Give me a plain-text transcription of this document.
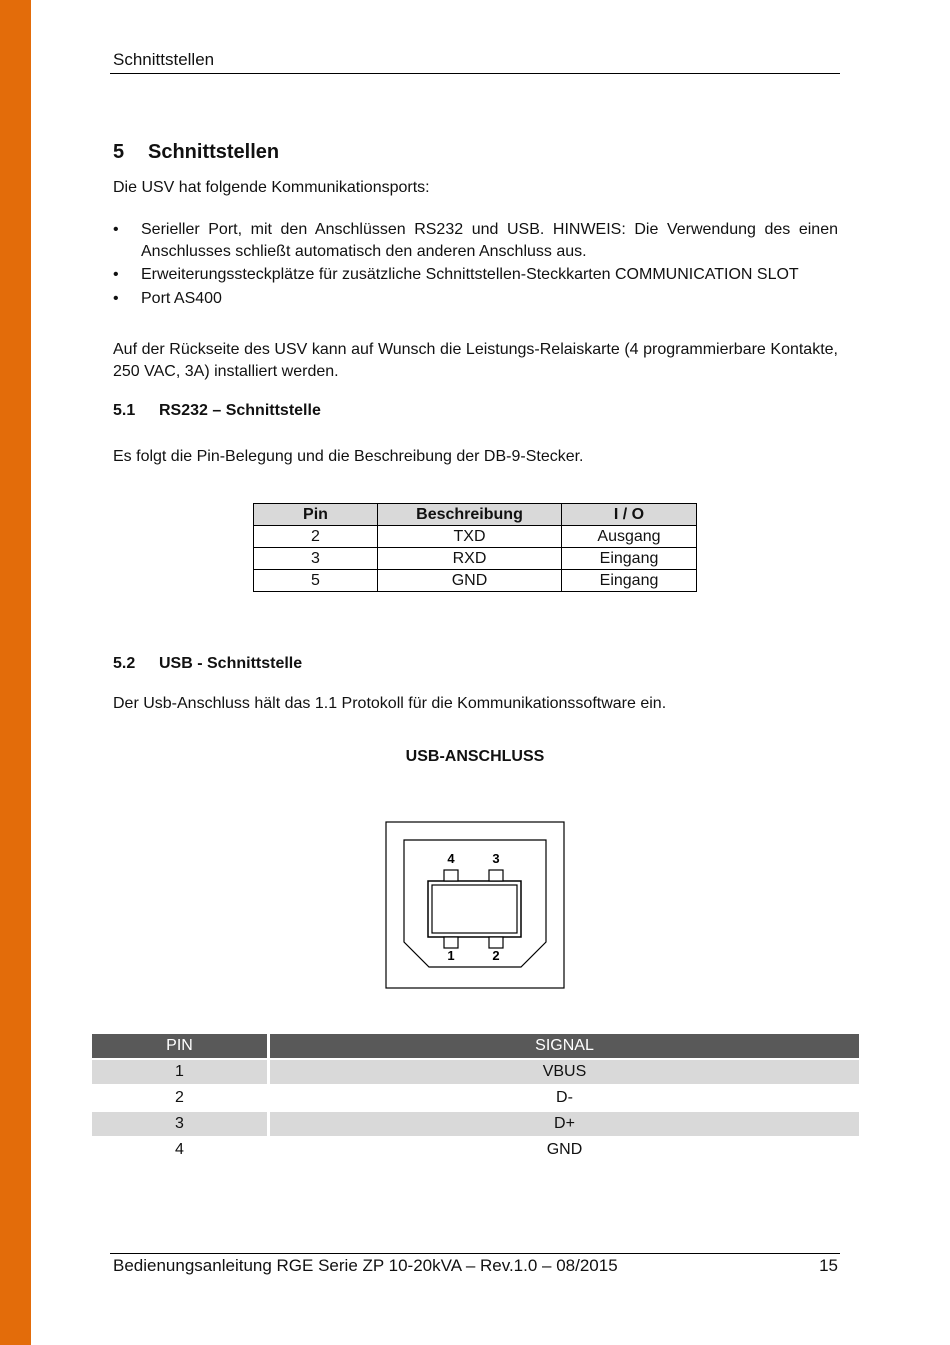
Schnittstellen
5 Schnittstellen
Die USV hat folgende Kommunikationsports:
•	Serieller Port, mit den Anschlüssen RS232 und USB. HINWEIS: Die Verwendung des einen Anschlusses schließt automatisch den anderen Anschluss aus.
•	Erweiterungssteckplätze für zusätzliche Schnittstellen-Steckkarten COMMUNICATION SLOT
•	Port AS400
Auf der Rückseite des USV kann auf Wunsch die Leistungs-Relaiskarte (4 programmierbare Kontakte, 250 VAC, 3A) installiert werden.
5.1 RS232 – Schnittstelle
Es folgt die Pin-Belegung und die Beschreibung der DB-9-Stecker.
Pin	Beschreibung	I / O
2	TXD	Ausgang
3	RXD	Eingang
5	GND	Eingang
5.2 USB - Schnittstelle
Der Usb-Anschluss hält das 1.1 Protokoll für die Kommunikationssoftware ein.
USB-ANSCHLUSS
4	3
1	2
PIN		SIGNAL

1		VBUS

2		D-

3		D+

4		GND
Bedienungsanleitung RGE Serie ZP 10-20kVA – Rev.1.0 – 08/2015	15
